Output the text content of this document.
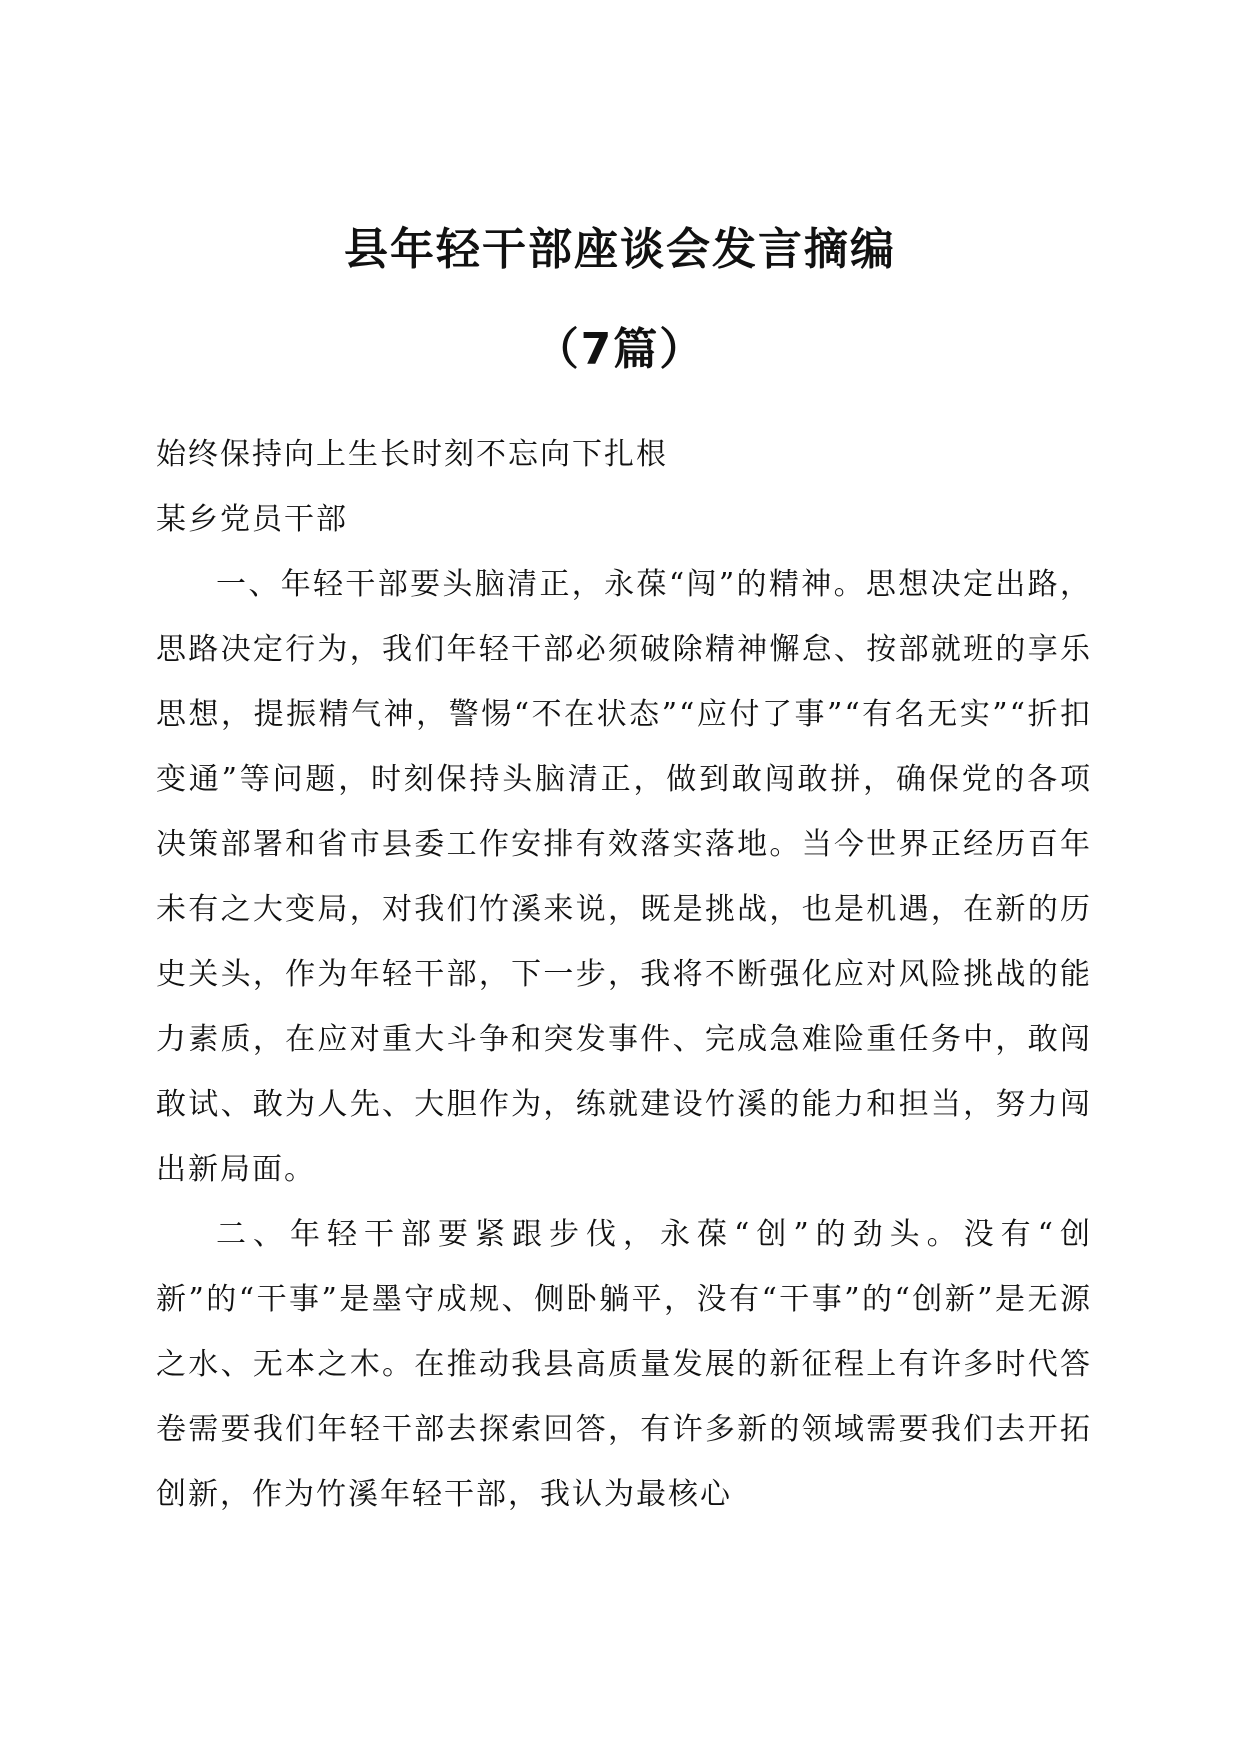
县年轻干部座谈会发言摘编
（7篇）

始终保持向上生长时刻不忘向下扎根

某乡党员干部

一、年轻干部要头脑清正，永葆“闯”的精神。思想决定出路，思路决定行为，我们年轻干部必须破除精神懈怠、按部就班的享乐思想，提振精气神，警惕“不在状态”“应付了事”“有名无实”“折扣变通”等问题，时刻保持头脑清正，做到敢闯敢拼，确保党的各项决策部署和省市县委工作安排有效落实落地。当今世界正经历百年未有之大变局，对我们竹溪来说，既是挑战，也是机遇，在新的历史关头，作为年轻干部，下一步，我将不断强化应对风险挑战的能力素质，在应对重大斗争和突发事件、完成急难险重任务中，敢闯敢试、敢为人先、大胆作为，练就建设竹溪的能力和担当，努力闯出新局面。

二、年轻干部要紧跟步伐，永葆“创”的劲头。没有“创新”的“干事”是墨守成规、侧卧躺平，没有“干事”的“创新”是无源之水、无本之木。在推动我县高质量发展的新征程上有许多时代答卷需要我们年轻干部去探索回答，有许多新的领域需要我们去开拓创新，作为竹溪年轻干部，我认为最核心
